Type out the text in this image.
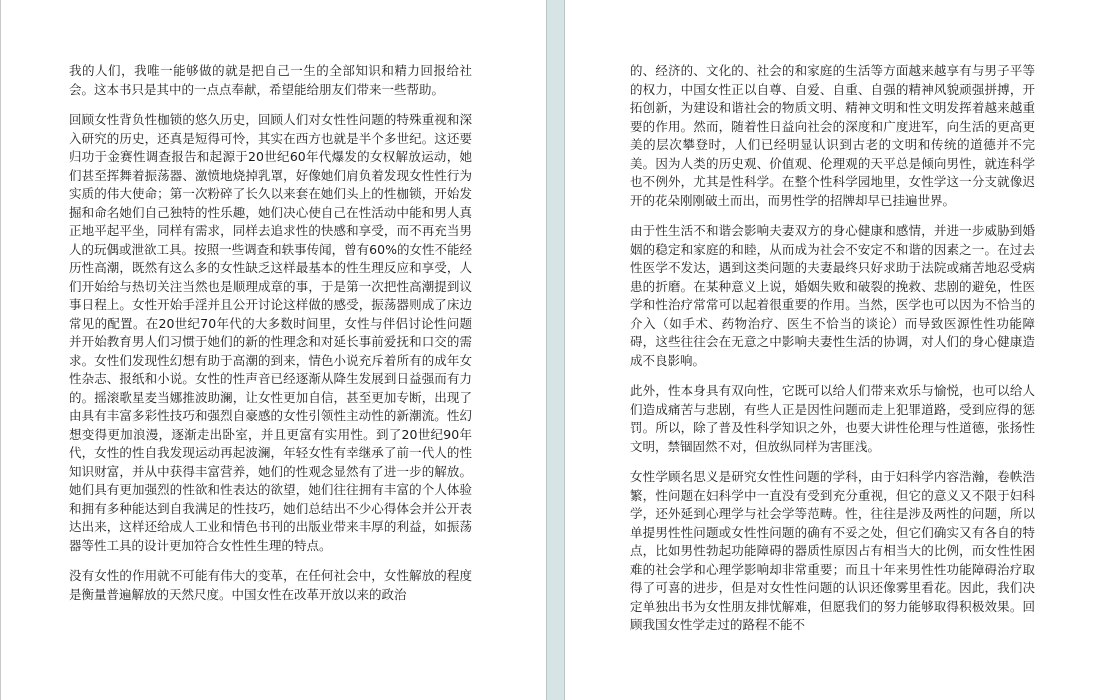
我的人们，我唯一能够做的就是把自己一生的全部知识和精力回报给社会。这本书只是其中的一点点奉献，希望能给朋友们带来一些帮助。

回顾女性背负性枷锁的悠久历史，回顾人们对女性性问题的特殊重视和深入研究的历史，还真是短得可怜，其实在西方也就是半个多世纪。这还要归功于金赛性调查报告和起源于20世纪60年代爆发的女权解放运动，她们甚至挥舞着振荡器、激愤地烧掉乳罩，好像她们肩负着发现女性性行为实质的伟大使命；第一次粉碎了长久以来套在她们头上的性枷锁，开始发掘和命名她们自己独特的性乐趣，她们决心使自己在性活动中能和男人真正地平起平坐，同样有需求，同样去追求性的快感和享受，而不再充当男人的玩偶或泄欲工具。按照一些调查和轶事传闻，曾有60%的女性不能经历性高潮，既然有这么多的女性缺乏这样最基本的性生理反应和享受，人们开始给与热切关注当然也是顺理成章的事，于是第一次把性高潮提到议事日程上。女性开始手淫并且公开讨论这样做的感受，振荡器则成了床边常见的配置。在20世纪70年代的大多数时间里，女性与伴侣讨论性问题并开始教育男人们习惯于她们的新的性理念和对延长事前爱抚和口交的需求。女性们发现性幻想有助于高潮的到来，情色小说充斥着所有的成年女性杂志、报纸和小说。女性的性声音已经逐渐从降生发展到日益强而有力的。摇滚歌星麦当娜推波助澜，让女性更加自信，甚至更加专断，出现了由具有丰富多彩性技巧和强烈自豪感的女性引领性主动性的新潮流。性幻想变得更加浪漫，逐渐走出卧室，并且更富有实用性。到了20世纪90年代，女性的性自我发现运动再起波澜，年轻女性有幸继承了前一代人的性知识财富，并从中获得丰富营养，她们的性观念显然有了进一步的解放。她们具有更加强烈的性欲和性表达的欲望，她们往往拥有丰富的个人体验和拥有多种能达到自我满足的性技巧，她们总结出不少心得体会并公开表达出来，这样还给成人工业和情色书刊的出版业带来丰厚的利益，如振荡器等性工具的设计更加符合女性性生理的特点。

没有女性的作用就不可能有伟大的变革，在任何社会中，女性解放的程度是衡量普遍解放的天然尺度。中国女性在改革开放以来的政治

的、经济的、文化的、社会的和家庭的生活等方面越来越享有与男子平等的权力，中国女性正以自尊、自爱、自重、自强的精神风貌顽强拼搏，开拓创新，为建设和谐社会的物质文明、精神文明和性文明发挥着越来越重要的作用。然而，随着性日益向社会的深度和广度进军，向生活的更高更美的层次攀登时，人们已经明显认识到古老的文明和传统的道德并不完美。因为人类的历史观、价值观、伦理观的天平总是倾向男性，就连科学也不例外，尤其是性科学。在整个性科学园地里，女性学这一分支就像迟开的花朵刚刚破土而出，而男性学的招牌却早已挂遍世界。

由于性生活不和谐会影响夫妻双方的身心健康和感情，并进一步威胁到婚姻的稳定和家庭的和睦，从而成为社会不安定不和谐的因素之一。在过去性医学不发达，遇到这类问题的夫妻最终只好求助于法院或痛苦地忍受病患的折磨。在某种意义上说，婚姻失败和破裂的挽救、悲剧的避免，性医学和性治疗常常可以起着很重要的作用。当然，医学也可以因为不恰当的介入（如手术、药物治疗、医生不恰当的谈论）而导致医源性性功能障碍，这些往往会在无意之中影响夫妻性生活的协调，对人们的身心健康造成不良影响。

此外，性本身具有双向性，它既可以给人们带来欢乐与愉悦，也可以给人们造成痛苦与悲剧，有些人正是因性问题而走上犯罪道路，受到应得的惩罚。所以，除了普及性科学知识之外，也要大讲性伦理与性道德，张扬性文明，禁锢固然不对，但放纵同样为害匪浅。

女性学顾名思义是研究女性性问题的学科，由于妇科学内容浩瀚，卷帙浩繁，性问题在妇科学中一直没有受到充分重视，但它的意义又不限于妇科学，还外延到心理学与社会学等范畴。性，往往是涉及两性的问题，所以单提男性性问题或女性性问题的确有不妥之处，但它们确实又有各自的特点，比如男性勃起功能障碍的器质性原因占有相当大的比例，而女性性困难的社会学和心理学影响却非常重要；而且十年来男性性功能障碍治疗取得了可喜的进步，但是对女性性问题的认识还像雾里看花。因此，我们决定单独出书为女性朋友排忧解难，但愿我们的努力能够取得积极效果。回顾我国女性学走过的路程不能不
